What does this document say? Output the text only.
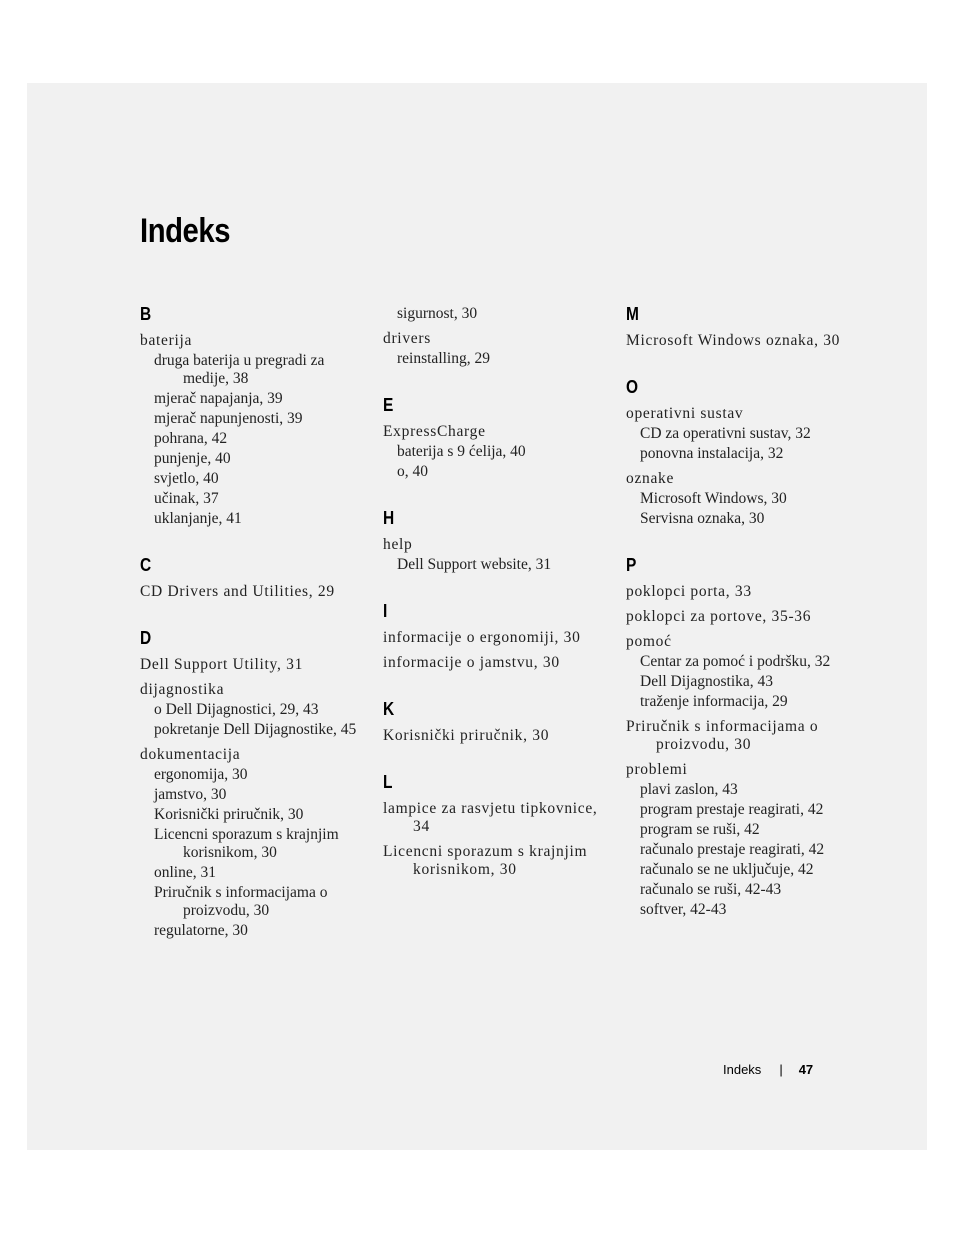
Indeks
B
baterija
druga baterija u pregradi za medije, 38
mjerač napajanja, 39
mjerač napunjenosti, 39
pohrana, 42
punjenje, 40
svjetlo, 40
učinak, 37
uklanjanje, 41
C
CD Drivers and Utilities, 29
D
Dell Support Utility, 31
dijagnostika
o Dell Dijagnostici, 29, 43
pokretanje Dell Dijagnostike, 45
dokumentacija
ergonomija, 30
jamstvo, 30
Korisnički priručnik, 30
Licencni sporazum s krajnjim korisnikom, 30
online, 31
Priručnik s informacijama o proizvodu, 30
regulatorne, 30
sigurnost, 30
drivers
reinstalling, 29
E
ExpressCharge
baterija s 9 ćelija, 40
o, 40
H
help
Dell Support website, 31
I
informacije o ergonomiji, 30
informacije o jamstvu, 30
K
Korisnički priručnik, 30
L
lampice za rasvjetu tipkovnice, 34
Licencni sporazum s krajnjim korisnikom, 30
M
Microsoft Windows oznaka, 30
O
operativni sustav
CD za operativni sustav, 32
ponovna instalacija, 32
oznake
Microsoft Windows, 30
Servisna oznaka, 30
P
poklopci porta, 33
poklopci za portove, 35-36
pomoć
Centar za pomoć i podršku, 32
Dell Dijagnostika, 43
traženje informacija, 29
Priručnik s informacijama o proizvodu, 30
problemi
plavi zaslon, 43
program prestaje reagirati, 42
program se ruši, 42
računalo prestaje reagirati, 42
računalo se ne uključuje, 42
računalo se ruši, 42-43
softver, 42-43
Indeks | 47
